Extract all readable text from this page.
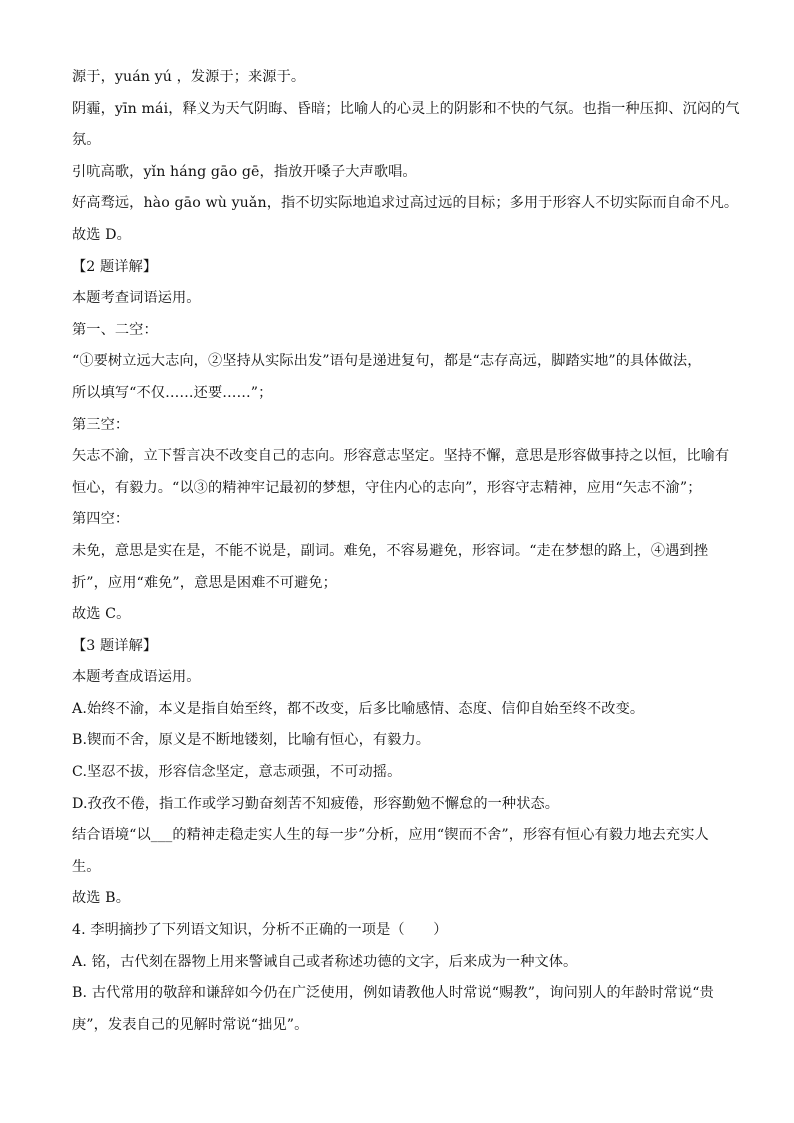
源于，yuán yú ，发源于；来源于。
阴霾，yīn mái，释义为天气阴晦、昏暗；比喻人的心灵上的阴影和不快的气氛。也指一种压抑、沉闷的气
氛。
引吭高歌，yǐn háng gāo gē，指放开嗓子大声歌唱。
好高骛远，hào gāo wù yuǎn，指不切实际地追求过高过远的目标；多用于形容人不切实际而自命不凡。
故选 D。
【2 题详解】
本题考查词语运用。
第一、二空：
“①要树立远大志向，②坚持从实际出发”语句是递进复句，都是“志存高远，脚踏实地”的具体做法，
所以填写“不仅……还要……”；
第三空：
矢志不渝，立下誓言决不改变自己的志向。形容意志坚定。坚持不懈，意思是形容做事持之以恒，比喻有
恒心，有毅力。“以③的精神牢记最初的梦想，守住内心的志向”，形容守志精神，应用“矢志不渝”；
第四空：
未免，意思是实在是，不能不说是，副词。难免，不容易避免，形容词。“走在梦想的路上，④遇到挫
折”，应用“难免”，意思是困难不可避免；
故选 C。
【3 题详解】
本题考查成语运用。
A.始终不渝，本义是指自始至终，都不改变，后多比喻感情、态度、信仰自始至终不改变。
B.锲而不舍，原义是不断地镂刻，比喻有恒心，有毅力。
C.坚忍不拔，形容信念坚定，意志顽强，不可动摇。
D.孜孜不倦，指工作或学习勤奋刻苦不知疲倦，形容勤勉不懈怠的一种状态。
结合语境“以___的精神走稳走实人生的每一步”分析，应用“锲而不舍”，形容有恒心有毅力地去充实人
生。
故选 B。
4. 李明摘抄了下列语文知识，分析不正确的一项是（　　）
A. 铭，古代刻在器物上用来警诫自己或者称述功德的文字，后来成为一种文体。
B. 古代常用的敬辞和谦辞如今仍在广泛使用，例如请教他人时常说“赐教”，询问别人的年龄时常说“贵
庚”，发表自己的见解时常说“拙见”。
